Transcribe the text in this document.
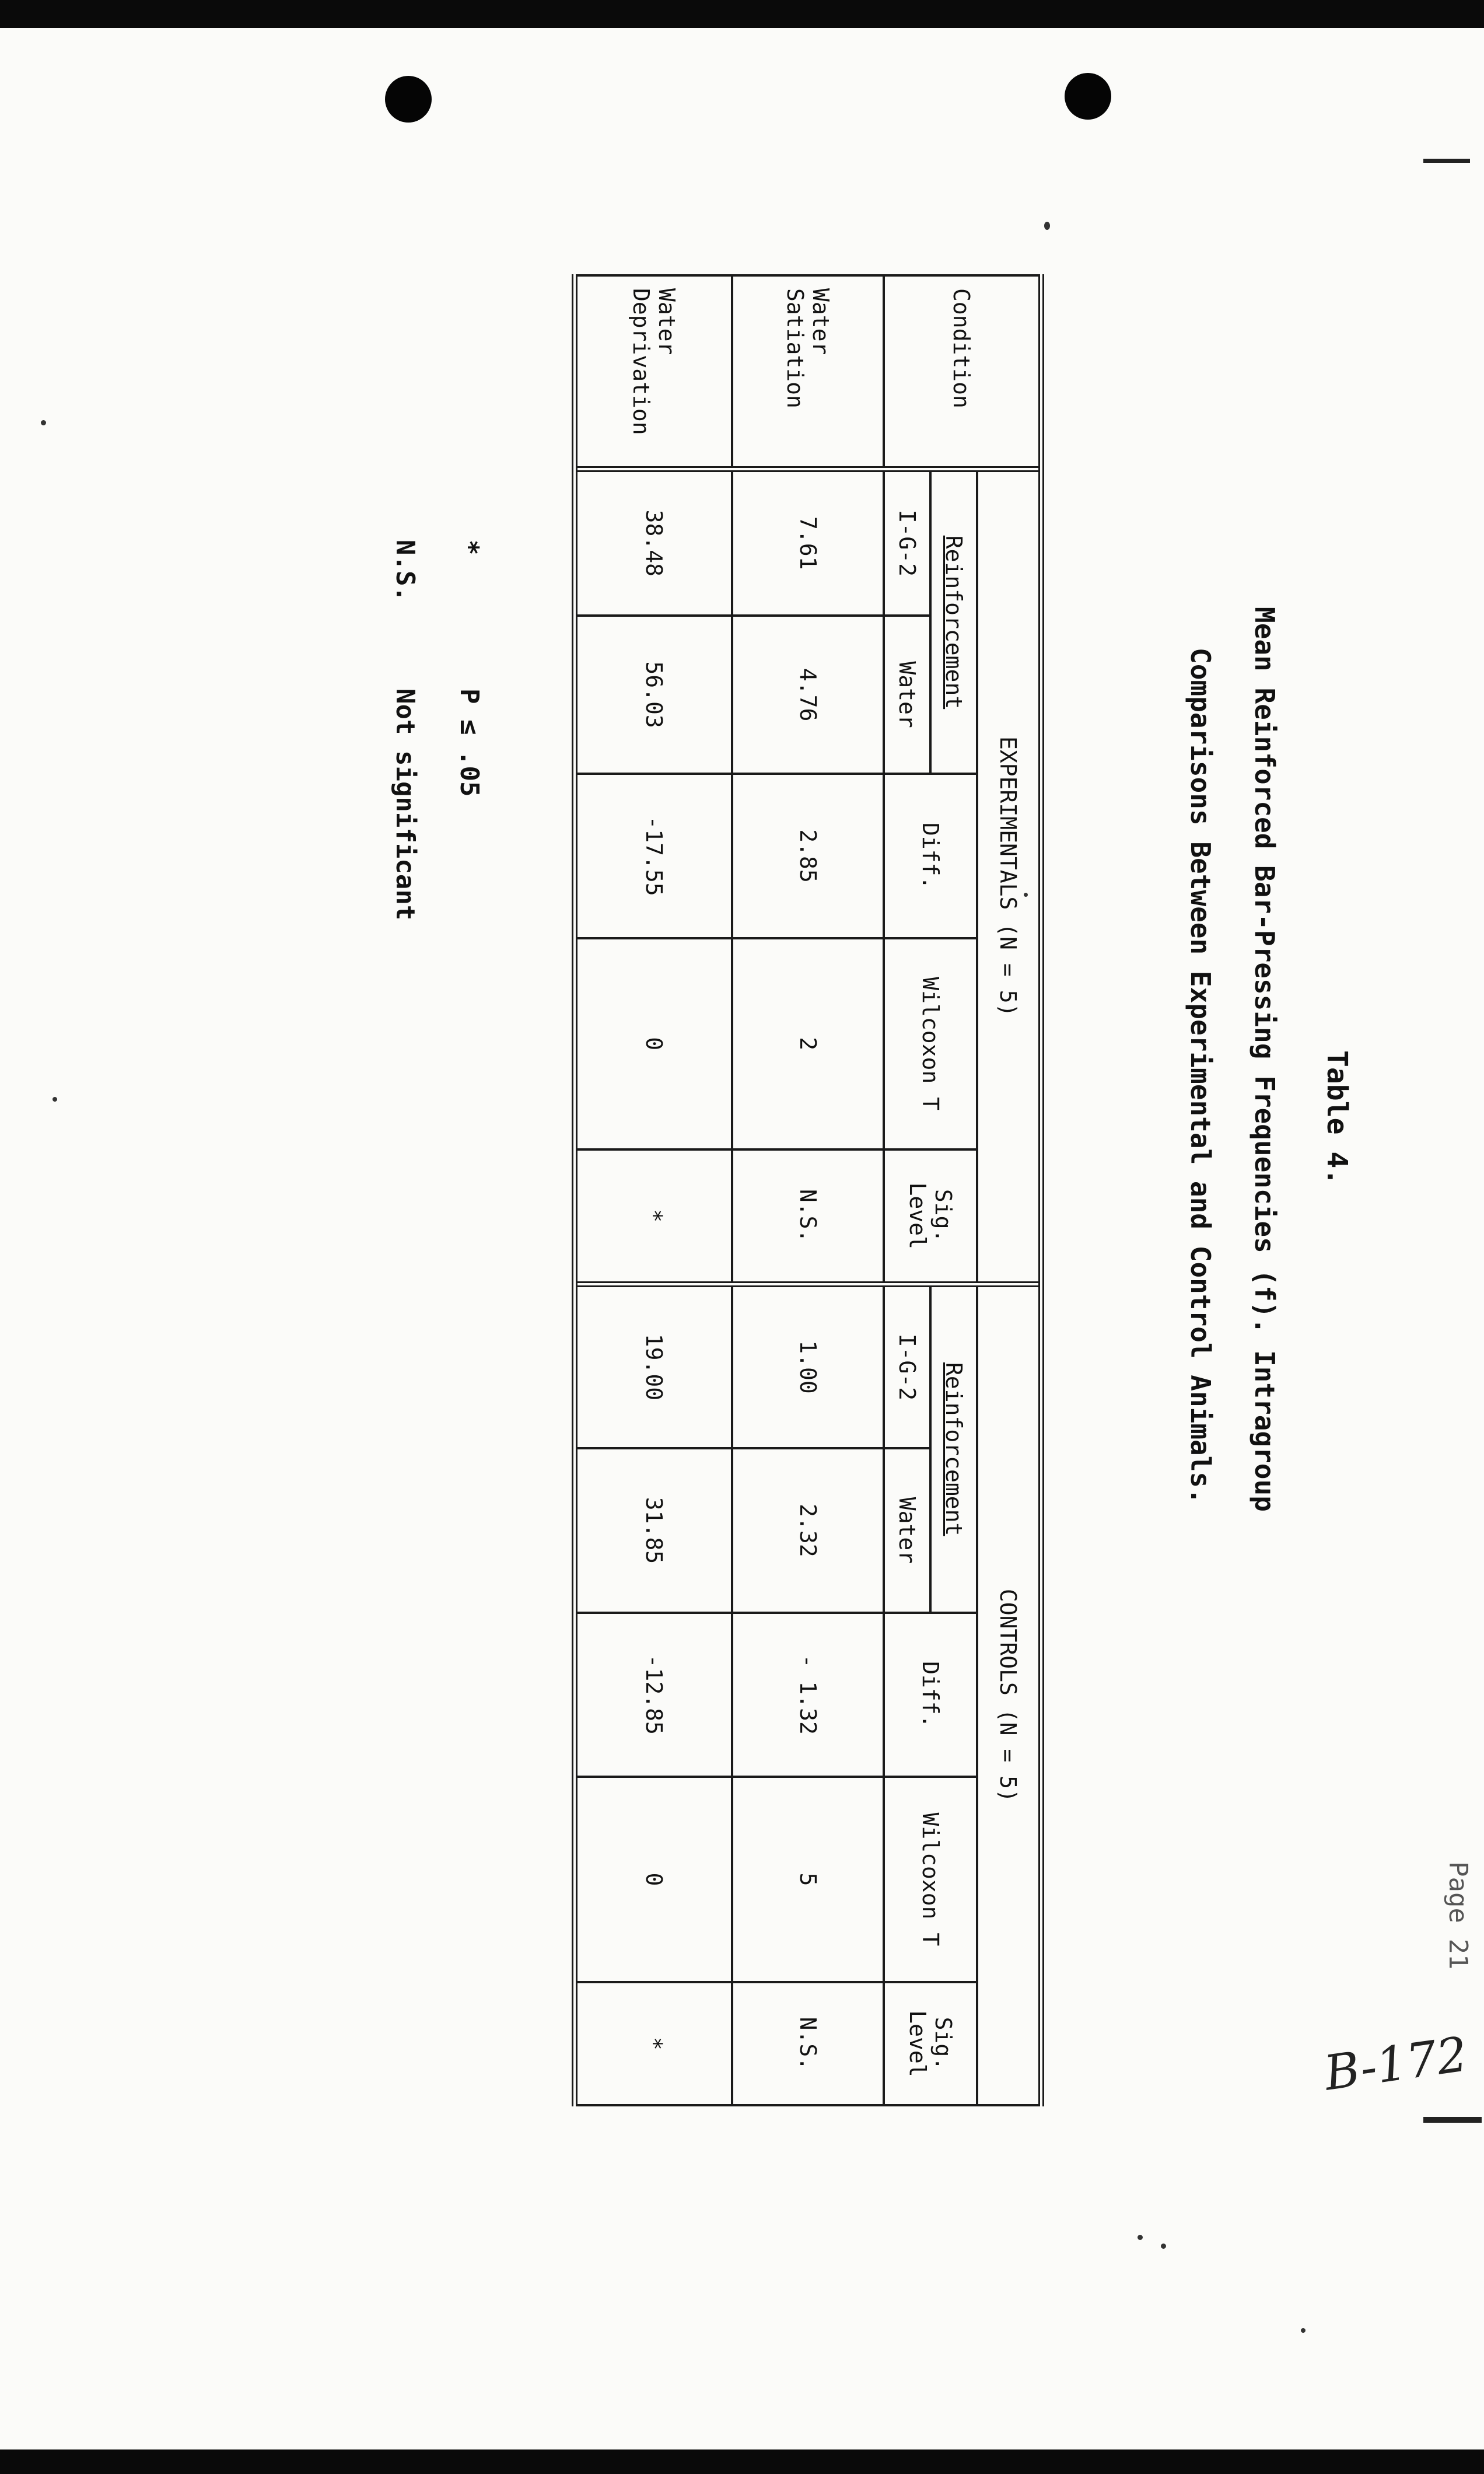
Page 21
B-172
Table 4.
Mean Reinforced Bar-Pressing Frequencies (f). Intragroup
Comparisons Between Experimental and Control Animals.
Condition	EXPERIMENTALS (N = 5)					CONTROLS (N = 5)				
	Reinforcement		Diff.	Wilcoxon T	Sig. Level	Reinforcement		Diff.	Wilcoxon T	Sig. Level
	I-G-2	Water				I-G-2	Water			
Water Satiation	7.61	4.76	2.85	2	N.S.	1.00	2.32	- 1.32	5	N.S.
Water Deprivation	38.48	56.03	-17.55	0	*	19.00	31.85	-12.85	0	*
*
P ≤ .05
N.S.
Not significant
